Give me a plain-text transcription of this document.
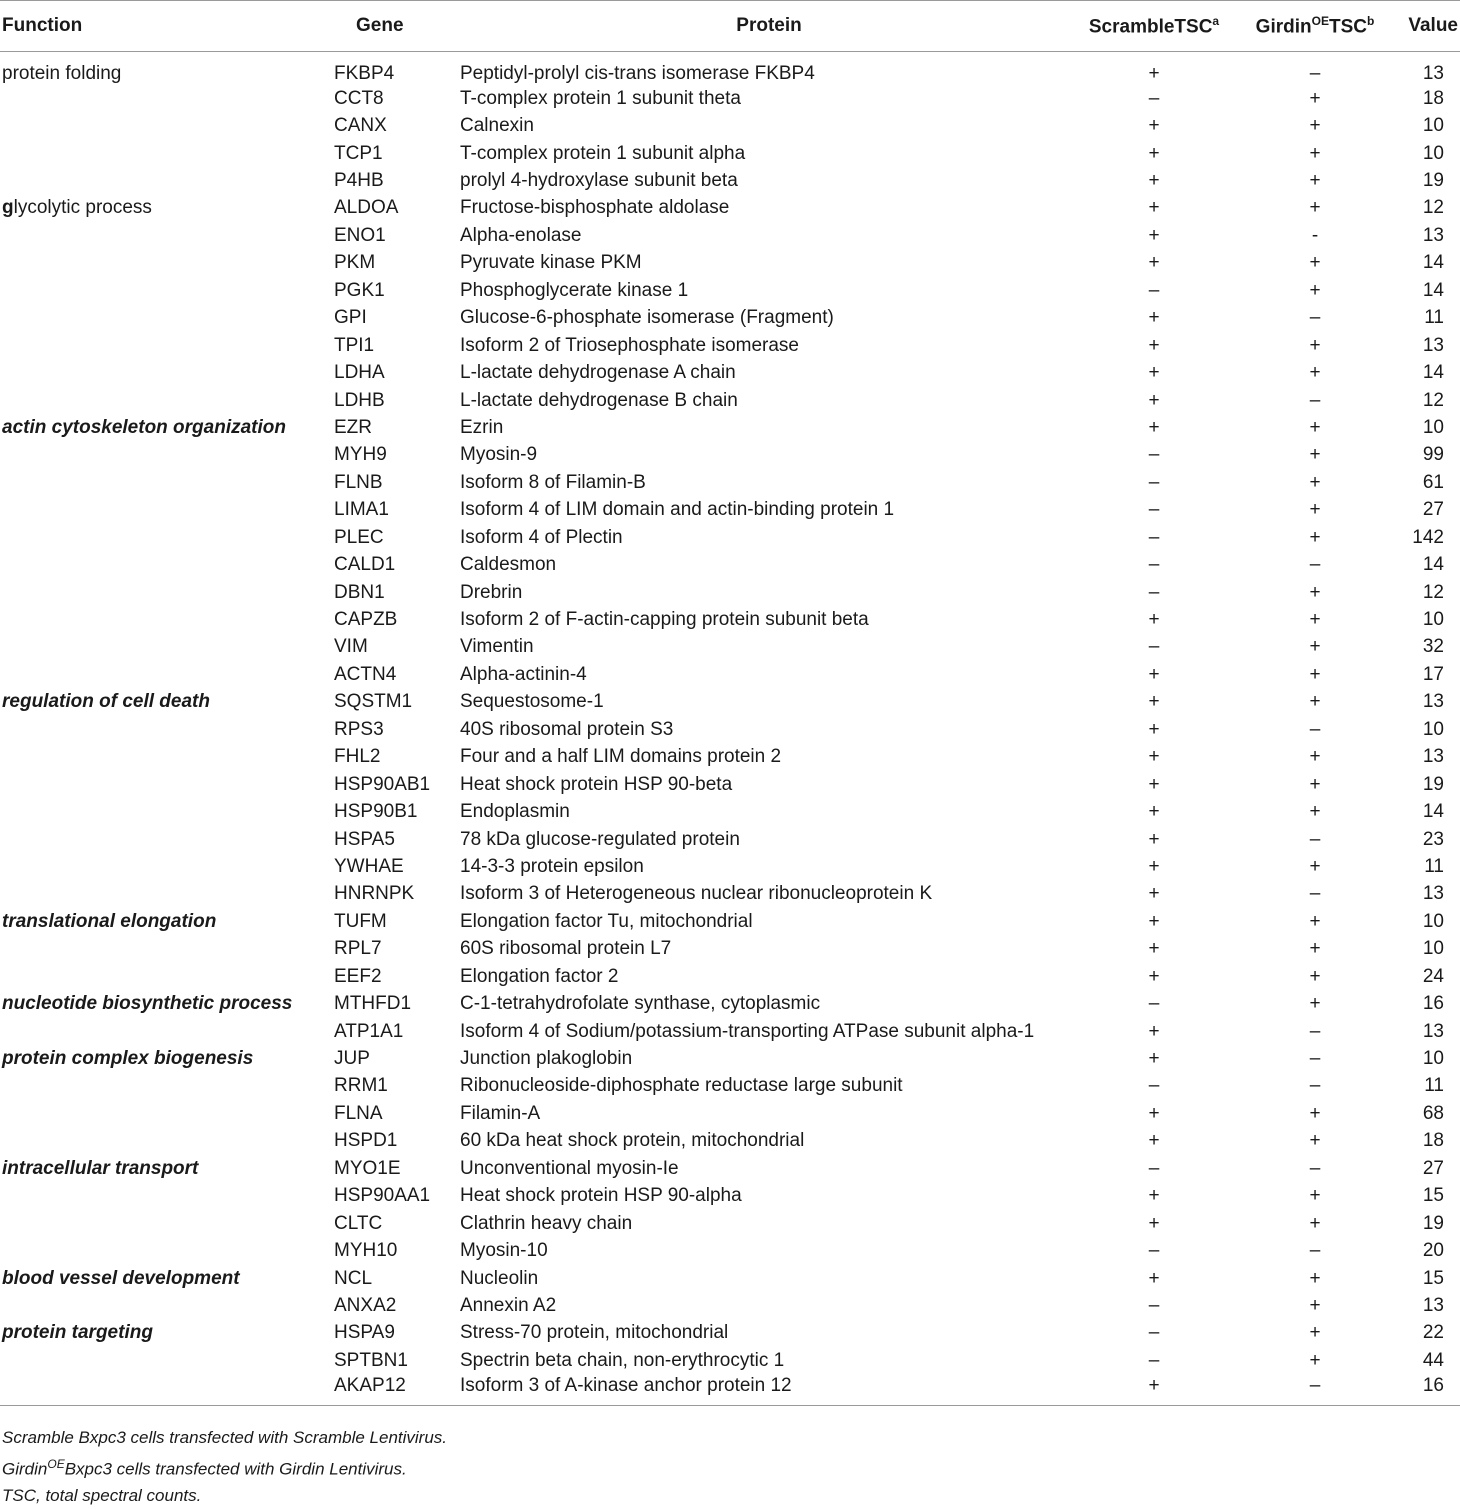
Function	Gene	Protein	ScrambleTSC$^a$	Girdin$^{OE}$TSC$^b$	Value
protein folding	FKBP4	Peptidyl-prolyl cis-trans isomerase FKBP4	+	–	13
	CCT8	T-complex protein 1 subunit theta	–	+	18
	CANX	Calnexin	+	+	10
	TCP1	T-complex protein 1 subunit alpha	+	+	10
	P4HB	prolyl 4-hydroxylase subunit beta	+	+	19
glycolytic process	ALDOA	Fructose-bisphosphate aldolase	+	+	12
	ENO1	Alpha-enolase	+	-	13
	PKM	Pyruvate kinase PKM	+	+	14
	PGK1	Phosphoglycerate kinase 1	–	+	14
	GPI	Glucose-6-phosphate isomerase (Fragment)	+	–	11
	TPI1	Isoform 2 of Triosephosphate isomerase	+	+	13
	LDHA	L-lactate dehydrogenase A chain	+	+	14
	LDHB	L-lactate dehydrogenase B chain	+	–	12
actin cytoskeleton organization	EZR	Ezrin	+	+	10
	MYH9	Myosin-9	–	+	99
	FLNB	Isoform 8 of Filamin-B	–	+	61
	LIMA1	Isoform 4 of LIM domain and actin-binding protein 1	–	+	27
	PLEC	Isoform 4 of Plectin	–	+	142
	CALD1	Caldesmon	–	–	14
	DBN1	Drebrin	–	+	12
	CAPZB	Isoform 2 of F-actin-capping protein subunit beta	+	+	10
	VIM	Vimentin	–	+	32
	ACTN4	Alpha-actinin-4	+	+	17
regulation of cell death	SQSTM1	Sequestosome-1	+	+	13
	RPS3	40S ribosomal protein S3	+	–	10
	FHL2	Four and a half LIM domains protein 2	+	+	13
	HSP90AB1	Heat shock protein HSP 90-beta	+	+	19
	HSP90B1	Endoplasmin	+	+	14
	HSPA5	78 kDa glucose-regulated protein	+	–	23
	YWHAE	14-3-3 protein epsilon	+	+	11
	HNRNPK	Isoform 3 of Heterogeneous nuclear ribonucleoprotein K	+	–	13
translational elongation	TUFM	Elongation factor Tu, mitochondrial	+	+	10
	RPL7	60S ribosomal protein L7	+	+	10
	EEF2	Elongation factor 2	+	+	24
nucleotide biosynthetic process	MTHFD1	C-1-tetrahydrofolate synthase, cytoplasmic	–	+	16
	ATP1A1	Isoform 4 of Sodium/potassium-transporting ATPase subunit alpha-1	+	–	13
protein complex biogenesis	JUP	Junction plakoglobin	+	–	10
	RRM1	Ribonucleoside-diphosphate reductase large subunit	–	–	11
	FLNA	Filamin-A	+	+	68
	HSPD1	60 kDa heat shock protein, mitochondrial	+	+	18
intracellular transport	MYO1E	Unconventional myosin-Ie	–	–	27
	HSP90AA1	Heat shock protein HSP 90-alpha	+	+	15
	CLTC	Clathrin heavy chain	+	+	19
	MYH10	Myosin-10	–	–	20
blood vessel development	NCL	Nucleolin	+	+	15
	ANXA2	Annexin A2	–	+	13
protein targeting	HSPA9	Stress-70 protein, mitochondrial	–	+	22
	SPTBN1	Spectrin beta chain, non-erythrocytic 1	–	+	44
	AKAP12	Isoform 3 of A-kinase anchor protein 12	+	–	16
Scramble Bxpc3 cells transfected with Scramble Lentivirus.
Girdin$^{OE}$Bxpc3 cells transfected with Girdin Lentivirus.
TSC, total spectral counts.
